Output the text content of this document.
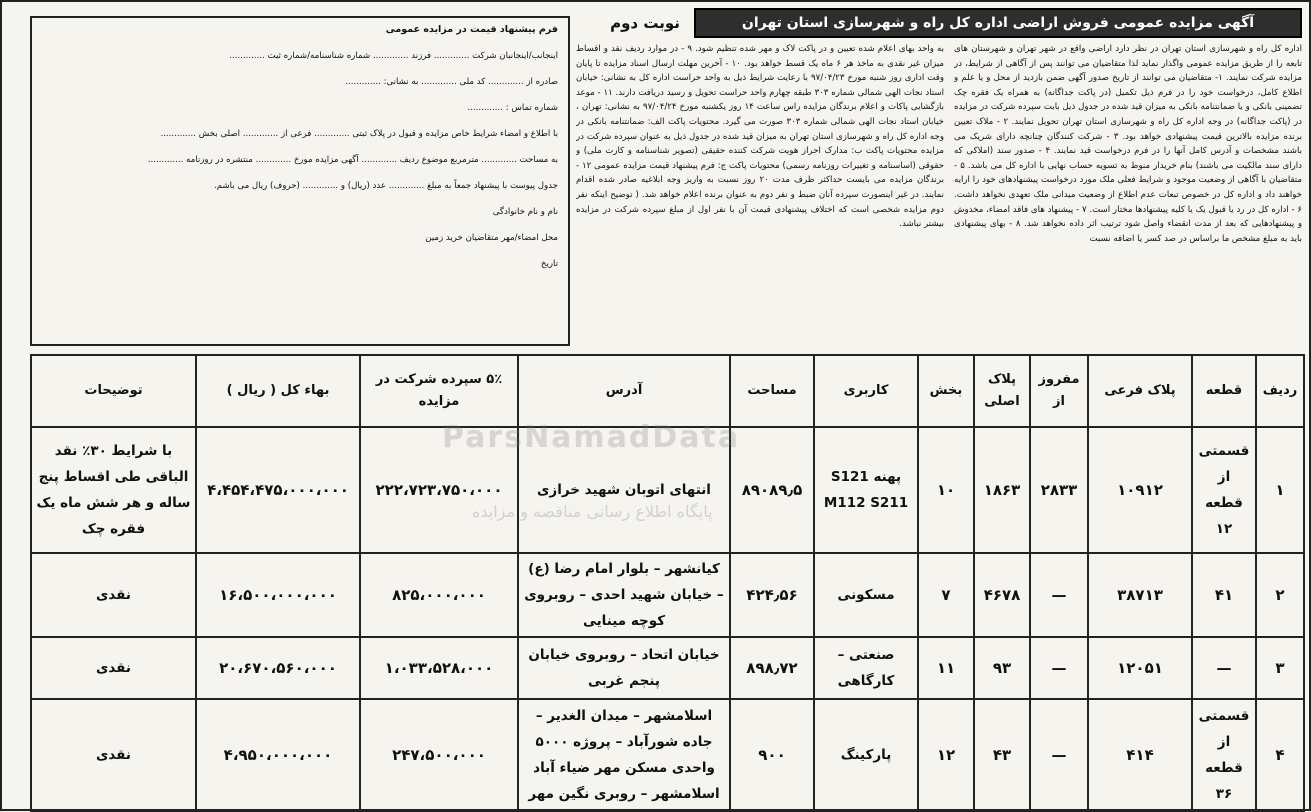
آگهی مزایده عمومی فروش اراضی اداره کل راه و شهرسازی استان تهران
نوبت دوم

اداره کل راه و شهرسازی استان تهران در نظر دارد اراضی واقع در شهر تهران و شهرستان های تابعه را از طریق مزایده عمومی واگذار نماید لذا متقاضیان می توانند پس از آگاهی از شرایط، در مزایده شرکت نمایند. ۱- متقاضیان می توانند از تاریخ صدور آگهی ضمن بازدید از محل و یا علم و اطلاع کامل، درخواست خود را در فرم ذیل تکمیل (در پاکت جداگانه) به همراه یک فقره چک تضمینی بانکی و یا ضمانتنامه بانکی به میزان قید شده در جدول ذیل بابت سپرده شرکت در مزایده در (پاکت جداگانه) در وجه اداره کل راه و شهرسازی استان تهران تحویل نمایند. ۲ - ملاک تعیین برنده مزایده بالاترین قیمت پیشنهادی خواهد بود. ۳ - شرکت کنندگان چنانچه دارای شریک می باشند مشخصات و آدرس کامل آنها را در فرم درخواست قید نمایند. ۴ - صدور سند (املاکی که دارای سند مالکیت می باشند) بنام خریدار منوط به تسویه حساب نهایی با اداره کل می باشد. ۵ - متقاضیان با آگاهی از وضعیت موجود و شرایط فعلی ملک مورد درخواست پیشنهادهای خود را ارایه خواهند داد و اداره کل در خصوص تبعات عدم اطلاع از وضعیت میدانی ملک تعهدی نخواهد داشت. ۶ - اداره کل در رد یا قبول یک یا کلیه پیشنهادها مختار است. ۷ - پیشنهاد های فاقد امضاء، مخدوش و پیشنهادهایی که بعد از مدت انقضاء واصل شود ترتیب اثر داده نخواهد شد. ۸ - بهای پیشنهادی باید به مبلغ مشخص ما براساس در صد کسر یا اضافه نسبت

به واحد بهای اعلام شده تعیین و در پاکت لاک و مهر شده تنظیم شود. ۹ - در موارد ردیف نقد و اقساط میزان غیر نقدی به ماخذ هر ۶ ماه یک قسط خواهد بود. ۱۰ - آخرین مهلت ارسال اسناد مزایده تا پایان وقت اداری روز شنبه مورخ ۹۷/۰۴/۲۳ با رعایت شرایط ذیل به واحد حراست اداره کل به نشانی: خیابان استاد نجات الهی شمالی شماره ۳۰۳ طبقه چهارم واحد حراست تحویل و رسید دریافت دارند. ۱۱ - موعد بازگشایی پاکات و اعلام برندگان مزایده راس ساعت ۱۴ روز یکشنبه مورخ ۹۷/۰۴/۲۴ به نشانی: تهران ، خیابان استاد نجات الهی شمالی شماره ۳۰۳ صورت می گیرد. محتویات پاکت الف: ضمانتنامه بانکی در وجه اداره کل راه و شهرسازی استان تهران به میزان قید شده در جدول ذیل به عنوان سپرده شرکت در مزایده محتویات پاکت ب: مدارک احراز هویت شرکت کننده حقیقی (تصویر شناسنامه و کارت ملی) و حقوقی (اساسنامه و تغییرات روزنامه رسمی) محتویات پاکت ج: فرم پیشنهاد قیمت مزایده عمومی ۱۲ - برندگان مزایده می بایست حداکثر ظرف مدت ۲۰ روز نسبت به واریز وجه ابلاغیه صادر شده اقدام نمایند. در غیر اینصورت سپرده آنان ضبط و نفر دوم به عنوان برنده اعلام خواهد شد. ( توضیح اینکه نفر دوم مزایده شخصی است که اختلاف پیشنهادی قیمت آن با نفر اول از مبلغ سپرده شرکت در مزایده بیشتر نباشد.

فرم پیشنهاد قیمت در مزایده عمومی
اینجانب/اینجانبان شرکت ............. فرزند ............. شماره شناسنامه/شماره ثبت .............
صادره از ............. کد ملی ............. به نشانی: .............
شماره تماس : .............
با اطلاع و امضاء شرایط خاص مزایده و قبول در پلاک ثبتی ............. فرعی از ............. اصلی بخش .............
به مساحت ............. مترمربع موضوع ردیف ............. آگهی مزایده مورخ ............. منتشره در روزنامه .............
جدول پیوست با پیشنهاد جمعاً به مبلغ ............. عدد (ریال) و ............. (حروف) ریال می باشم.
نام و نام خانوادگی
محل امضاء/مهر متقاضیان خرید زمین
تاریخ
ردیف	قطعه	پلاک فرعی	مفروز از	پلاک اصلی	بخش	کاربری	مساحت	آدرس	۵٪ سپرده شرکت در مزایده	بهاء کل ( ریال )	توضیحات
۱	قسمتی از قطعه ۱۲	۱۰۹۱۲	۲۸۳۳	۱۸۶۳	۱۰	پهنه S121 M112 S211	۸۹۰۸۹٫۵	انتهای اتوبان شهید خرازی	۲۲۲،۷۲۳،۷۵۰،۰۰۰	۴،۴۵۴،۴۷۵،۰۰۰،۰۰۰	با شرایط ۳۰٪ نقد الباقی طی اقساط پنج ساله و هر شش ماه یک فقره چک
۲	۴۱	۳۸۷۱۳	—	۴۶۷۸	۷	مسکونی	۴۲۴٫۵۶	کیانشهر – بلوار امام رضا (ع) – خیابان شهید احدی – روبروی کوچه مینایی	۸۲۵،۰۰۰،۰۰۰	۱۶،۵۰۰،۰۰۰،۰۰۰	نقدی
۳	—	۱۲۰۵۱	—	۹۳	۱۱	صنعتی – کارگاهی	۸۹۸٫۷۲	خیابان اتحاد – روبروی خیابان پنجم غربی	۱،۰۳۳،۵۲۸،۰۰۰	۲۰،۶۷۰،۵۶۰،۰۰۰	نقدی
۴	قسمتی از قطعه ۳۶	۴۱۴	—	۴۳	۱۲	پارکینگ	۹۰۰	اسلامشهر – میدان الغدیر – جاده شورآباد – پروژه ۵۰۰۰ واحدی مسکن مهر ضیاء آباد اسلامشهر – روبری نگین مهر	۲۴۷،۵۰۰،۰۰۰	۴،۹۵۰،۰۰۰،۰۰۰	نقدی
ParsNamadData
پایگاه اطلاع رسانی مناقصه و مزایده
